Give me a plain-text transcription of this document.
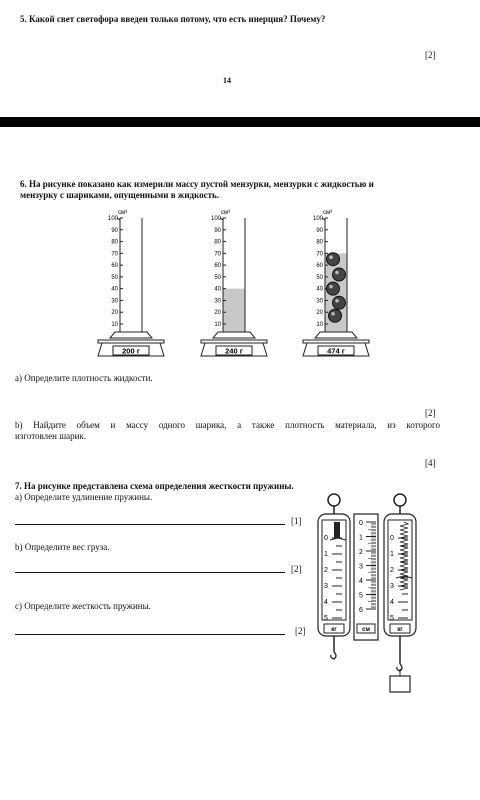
5. Какой свет светофора введен только потому, что есть инерция? Почему?
[2]
14
6. На рисунке показано как измерили массу пустой мензурки, мензурки с жидкостью и
мензурку с шариками, опущенными в жидкость.
см³
100
90
80
70
60
50
40
30
20
10
200 г
см³
100
90
80
70
60
50
40
30
20
10
240 г
см³
100
90
80
70
60
50
40
30
20
10
474 г
а) Определите плотность жидкости.
[2]
b) Найдите объем и массу одного шарика, а также плотность материала, из которого
изготовлен шарик.
[4]
7. На рисунке представлена схема определения жесткости пружины.
а) Определите удлинение пружины.
[1]
b) Определите вес груза.
[2]
c) Определите жесткость пружины.
[2]
0
1
2
3
4
5
кг
0
1
2
3
4
5
кг
0
1
2
3
4
5
6
см
